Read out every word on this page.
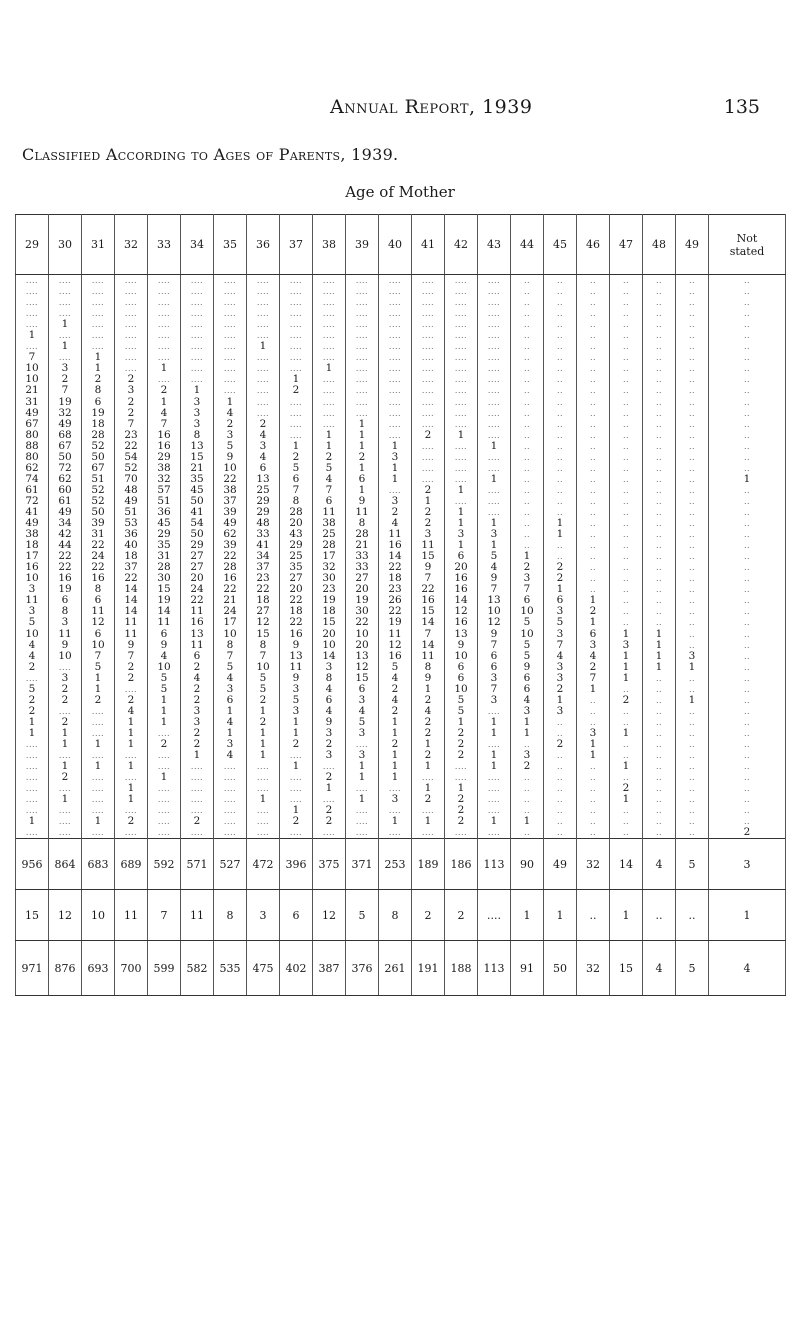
Annual Report, 1939	135
Classified According to Ages of Parents, 1939.
Age of Mother
29	30	31	32	33	34	35	36	37	38	39	40	41	42	43	44	45	46	47	48	49	Not stated
....	....	....	....	....	....	....	....	....	....	....	....	....	....	....	..	..	..	..	..	..	..
....	....	....	....	....	....	....	....	....	....	....	....	....	....	....	..	..	..	..	..	..	..
....	....	....	....	....	....	....	....	....	....	....	....	....	....	....	..	..	..	..	..	..	..
....	....	....	....	....	....	....	....	....	....	....	....	....	....	....	..	..	..	..	..	..	..
....	1	....	....	....	....	....	....	....	....	....	....	....	....	....	..	..	..	..	..	..	..
1	....	....	....	....	....	....	....	....	....	....	....	....	....	....	..	..	..	..	..	..	..
....	1	....	....	....	....	....	1	....	....	....	....	....	....	....	..	..	..	..	..	..	..
7	....	1	....	....	....	....	....	....	....	....	....	....	....	....	..	..	..	..	..	..	..
10	3	1	....	1	....	....	....	....	1	....	....	....	....	....	..	..	..	..	..	..	..
10	2	2	2	....	....	....	....	1	....	....	....	....	....	....	..	..	..	..	..	..	..
21	7	8	3	2	1	....	....	2	....	....	....	....	....	....	..	..	..	..	..	..	..
31	19	6	2	1	3	1	....	....	....	....	....	....	....	....	..	..	..	..	..	..	..
49	32	19	2	4	3	4	....	....	....	....	....	....	....	....	..	..	..	..	..	..	..
67	49	18	7	7	3	2	2	....	....	1	....	....	....	....	..	..	..	..	..	..	..
80	68	28	23	16	8	3	4	....	1	1	....	2	1	....	..	..	..	..	..	..	..
88	67	52	22	16	13	5	3	1	1	1	1	....	....	1	..	..	..	..	..	..	..
80	50	50	54	29	15	9	4	2	2	2	3	....	....	....	..	..	..	..	..	..	..
62	72	67	52	38	21	10	6	5	5	1	1	....	....	....	..	..	..	..	..	..	..
74	62	51	70	32	35	22	13	6	4	6	1	....	....	1	..	..	..	..	..	..	1
61	60	52	48	57	45	38	25	7	7	1	....	2	1	....	..	..	..	..	..	..	..
72	61	52	49	51	50	37	29	8	6	9	3	1	....	....	..	..	..	..	..	..	..
41	49	50	51	36	41	39	29	28	11	11	2	2	1	....	..	..	..	..	..	..	..
49	34	39	53	45	54	49	48	20	38	8	4	2	1	1	..	1	..	..	..	..	..
38	42	31	36	29	50	62	33	43	25	28	11	3	3	3	..	1	..	..	..	..	..
18	44	22	40	35	29	39	41	29	28	21	16	11	1	1	..	..	..	..	..	..	..
17	22	24	18	31	27	22	34	25	17	33	14	15	6	5	1	..	..	..	..	..	..
16	22	22	37	28	27	28	37	35	32	33	22	9	20	4	2	2	..	..	..	..	..
10	16	16	22	30	20	16	23	27	30	27	18	7	16	9	3	2	..	..	..	..	..
3	19	8	14	15	24	22	22	20	23	20	23	22	16	7	7	1	..	..	..	..	..
11	6	6	14	19	22	21	18	22	19	19	26	16	14	13	6	6	1	..	..	..	..
3	8	11	14	14	11	24	27	18	18	30	22	15	12	10	10	3	2	..	..	..	..
5	3	12	11	11	16	17	12	22	15	22	19	14	16	12	5	5	1	..	..	..	..
10	11	6	11	6	13	10	15	16	20	10	11	7	13	9	10	3	6	1	1	..	..
4	9	10	9	9	11	8	8	9	10	20	12	14	9	7	5	7	3	3	1	..	..
4	10	7	7	4	6	7	7	13	14	13	16	11	10	6	5	4	4	1	1	3	..
2	....	5	2	10	2	5	10	11	3	12	5	8	6	6	9	3	2	1	1	1	..
....	3	1	2	5	4	4	5	9	8	15	4	9	6	3	6	3	7	1	..	..	..
5	2	1	....	5	2	3	5	3	4	6	2	1	10	7	6	2	1	..	..	..	..
2	2	2	2	1	2	6	2	5	6	3	4	2	5	3	4	1	..	2	..	1	..
2	....	....	4	1	3	1	1	3	4	4	2	4	5	....	3	3	..	..	..	..	..
1	2	....	1	1	3	4	2	1	9	5	1	2	1	1	1	..	..	..	..	..	..
1	1	....	1	....	2	1	1	1	3	3	1	2	2	1	1	..	3	1	..	..	..
....	1	1	1	2	2	3	1	2	2	....	2	1	2	....	..	2	1	..	..	..	..
....	....	....	....	....	1	4	1	....	3	3	1	2	2	1	3	..	1	..	..	..	..
....	1	1	1	....	....	....	....	1	....	1	1	1	....	1	2	..	..	1	..	..	..
....	2	....	....	1	....	....	....	....	2	1	1	....	....	....	..	..	..	..	..	..	..
....	....	....	1	....	....	....	....	....	1	....	....	1	1	....	..	..	..	2	..	..	..
....	1	....	1	....	....	....	1	....	....	1	3	2	2	....	..	..	..	1	..	..	..
....	....	....	....	....	....	....	....	1	2	....	....	....	2	....	..	..	..	..	..	..	..
1	....	1	2	....	2	....	....	2	2	....	1	1	2	1	1	..	..	..	..	..	..
....	....	....	....	....	....	....	....	....	....	....	....	....	....	....	..	..	..	..	..	..	2
956	864	683	689	592	571	527	472	396	375	371	253	189	186	113	90	49	32	14	4	5	3
15	12	10	11	7	11	8	3	6	12	5	8	2	2	....	1	1	..	1	..	..	1
971	876	693	700	599	582	535	475	402	387	376	261	191	188	113	91	50	32	15	4	5	4
